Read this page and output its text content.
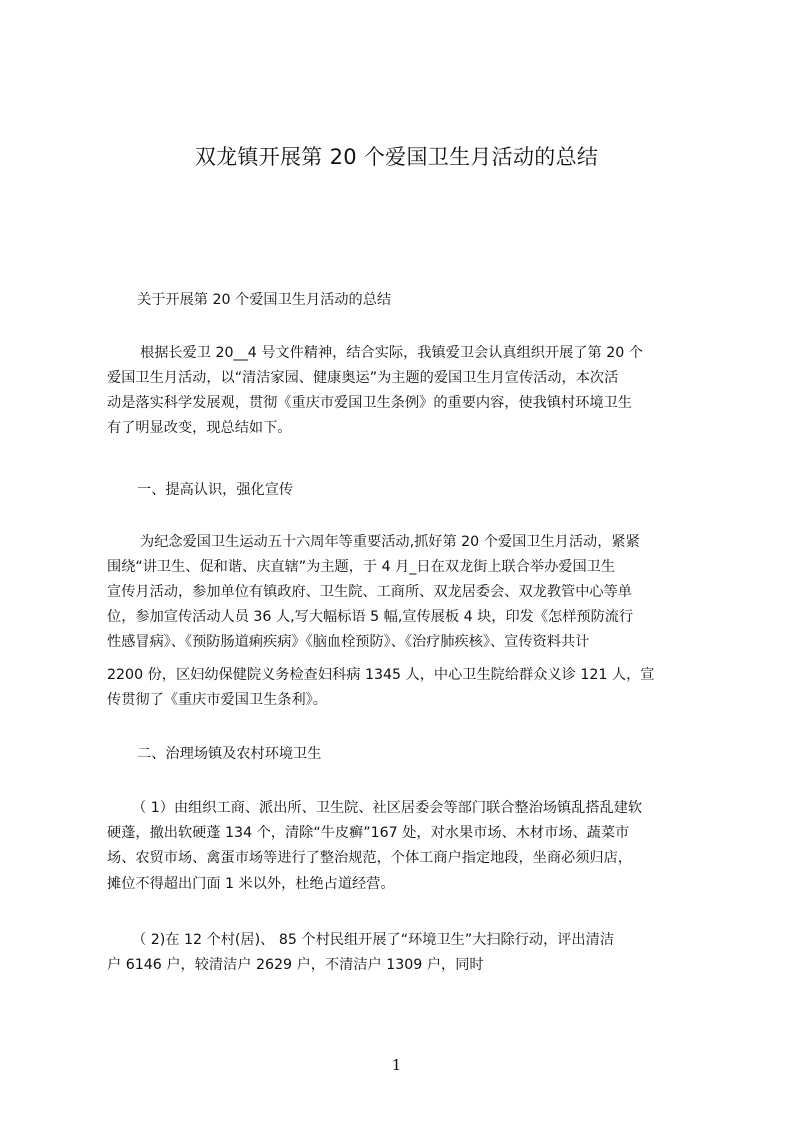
双龙镇开展第 20 个爱国卫生月活动的总结
关于开展第 20 个爱国卫生月活动的总结
根据长爱卫 20__4 号文件精神，结合实际，我镇爱卫会认真组织开展了第 20 个
爱国卫生月活动，以“清洁家园、健康奥运”为主题的爱国卫生月宣传活动，本次活
动是落实科学发展观，贯彻《重庆市爱国卫生条例》的重要内容，使我镇村环境卫生
有了明显改变，现总结如下。
一、提高认识，强化宣传
为纪念爱国卫生运动五十六周年等重要活动,抓好第 20 个爱国卫生月活动，紧紧
围绕“讲卫生、促和谐、庆直辖”为主题，于 4 月_日在双龙街上联合举办爱国卫生
宣传月活动，参加单位有镇政府、卫生院、工商所、双龙居委会、双龙教管中心等单
位，参加宣传活动人员 36 人,写大幅标语 5 幅,宣传展板 4 块，印发《怎样预防流行
性感冒病》、《预防肠道痢疾病》《脑血栓预防》、《治疗肺疾核》、宣传资料共计
2200 份，区妇幼保健院义务检查妇科病 1345 人，中心卫生院给群众义诊 121 人，宣
传贯彻了《重庆市爱国卫生条利》。
二、治理场镇及农村环境卫生
（ 1）由组织工商、派出所、卫生院、社区居委会等部门联合整治场镇乱搭乱建软
硬蓬，撤出软硬蓬 134 个，清除“牛皮癣”167 处，对水果市场、木材市场、蔬菜市
场、农贸市场、禽蛋市场等进行了整治规范，个体工商户指定地段，坐商必须归店，
摊位不得超出门面 1 米以外，杜绝占道经营。
（ 2)在 12 个村(居)、 85 个村民组开展了“环境卫生”大扫除行动，评出清洁
户 6146 户，较清洁户 2629 户，不清洁户 1309 户，同时
1
